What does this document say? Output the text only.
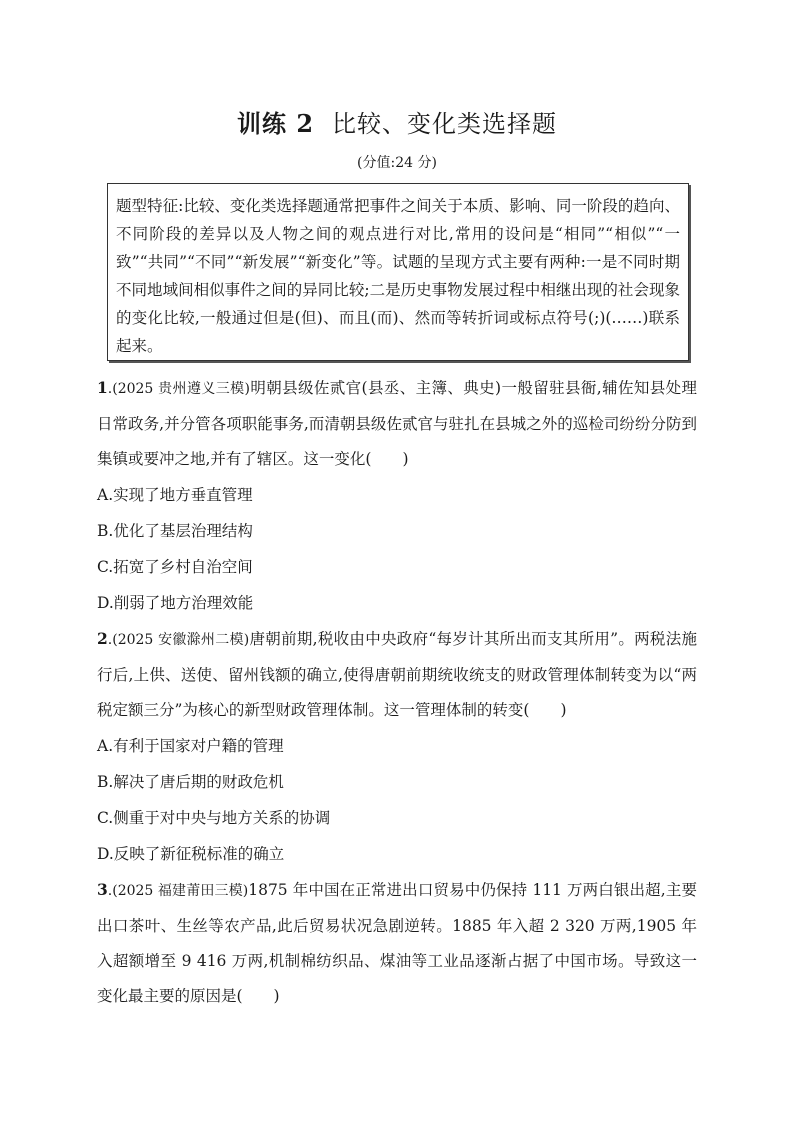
训练 2 比较、变化类选择题
(分值:24 分)

题型特征:比较、变化类选择题通常把事件之间关于本质、影响、同一阶段的趋向、不同阶段的差异以及人物之间的观点进行对比,常用的设问是“相同”“相似”“一致”“共同”“不同”“新发展”“新变化”等。试题的呈现方式主要有两种:一是不同时期不同地域间相似事件之间的异同比较;二是历史事物发展过程中相继出现的社会现象的变化比较,一般通过但是(但)、而且(而)、然而等转折词或标点符号(;)(……)联系起来。

1.(2025 贵州遵义三模)明朝县级佐贰官(县丞、主簿、典史)一般留驻县衙,辅佐知县处理日常政务,并分管各项职能事务,而清朝县级佐贰官与驻扎在县城之外的巡检司纷纷分防到集镇或要冲之地,并有了辖区。这一变化(　　)

A.实现了地方垂直管理

B.优化了基层治理结构

C.拓宽了乡村自治空间

D.削弱了地方治理效能

2.(2025 安徽滁州二模)唐朝前期,税收由中央政府“每岁计其所出而支其所用”。两税法施行后,上供、送使、留州钱额的确立,使得唐朝前期统收统支的财政管理体制转变为以“两税定额三分”为核心的新型财政管理体制。这一管理体制的转变(　　)

A.有利于国家对户籍的管理

B.解决了唐后期的财政危机

C.侧重于对中央与地方关系的协调

D.反映了新征税标准的确立

3.(2025 福建莆田三模)1875 年中国在正常进出口贸易中仍保持 111 万两白银出超,主要出口茶叶、生丝等农产品,此后贸易状况急剧逆转。1885 年入超 2 320 万两,1905 年入超额增至 9 416 万两,机制棉纺织品、煤油等工业品逐渐占据了中国市场。导致这一变化最主要的原因是(　　)
